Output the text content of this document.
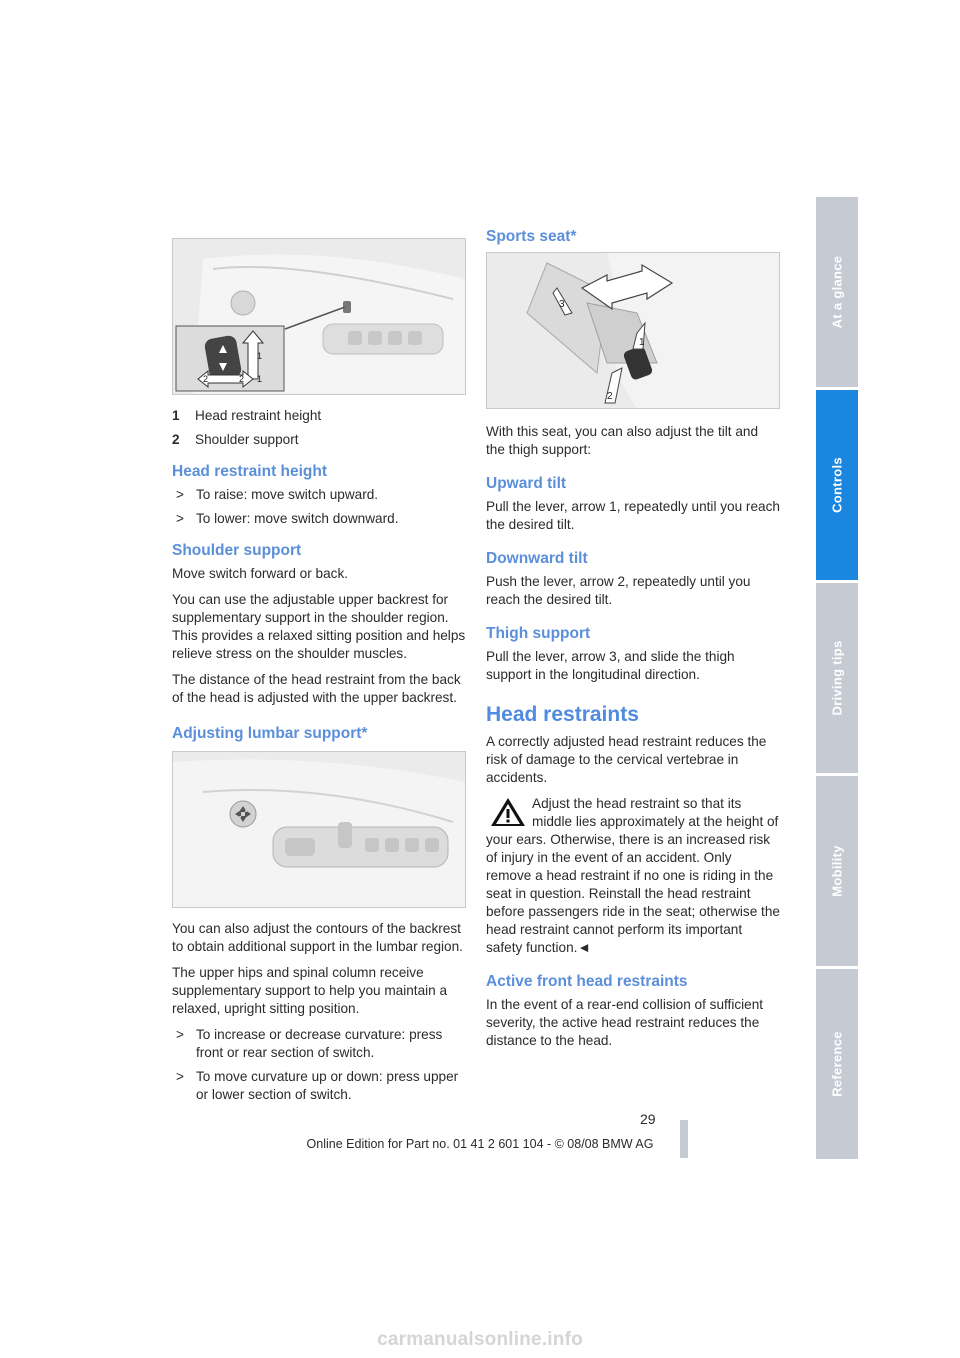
1
2	2 1
1	Head restraint height
2	Shoulder support
Head restraint height
> To raise: move switch upward.
> To lower: move switch downward.
Shoulder support

Move switch forward or back.

You can use the adjustable upper backrest for supplementary support in the shoulder region. This provides a relaxed sitting position and helps relieve stress on the shoulder muscles.

The distance of the head restraint from the back of the head is adjusted with the upper backrest.

Adjusting lumbar support*

You can also adjust the contours of the backrest to obtain additional support in the lumbar region.

The upper hips and spinal column receive supplementary support to help you maintain a relaxed, upright sitting position.

> To increase or decrease curvature: press front or rear section of switch.
> To move curvature up or down: press upper or lower section of switch.
Sports seat*
1
2
3

With this seat, you can also adjust the tilt and the thigh support:

Upward tilt

Pull the lever, arrow 1, repeatedly until you reach the desired tilt.

Downward tilt

Push the lever, arrow 2, repeatedly until you reach the desired tilt.

Thigh support

Pull the lever, arrow 3, and slide the thigh support in the longitudinal direction.

Head restraints

A correctly adjusted head restraint reduces the risk of damage to the cervical vertebrae in accidents.

Adjust the head restraint so that its middle lies approximately at the height of your ears. Otherwise, there is an increased risk of injury in the event of an accident. Only remove a head restraint if no one is riding in the seat in question. Reinstall the head restraint before passengers ride in the seat; otherwise the head restraint cannot perform its important safety function.◄

Active front head restraints

In the event of a rear-end collision of sufficient severity, the active head restraint reduces the distance to the head.

At a glance
Controls
Driving tips
Mobility
Reference
29
Online Edition for Part no. 01 41 2 601 104 - © 08/08 BMW AG
carmanualsonline.info
